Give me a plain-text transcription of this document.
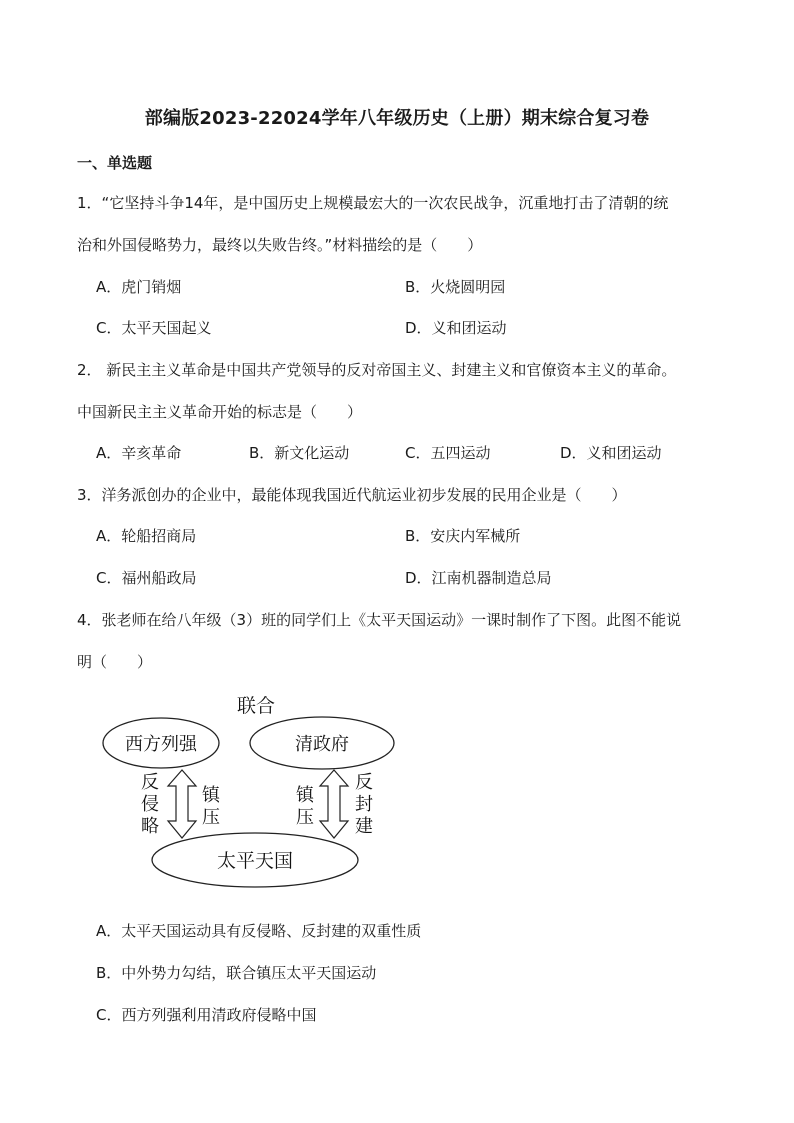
部编版2023-22024学年八年级历史（上册）期末综合复习卷
一、单选题
1．“它坚持斗争14年，是中国历史上规模最宏大的一次农民战争，沉重地打击了清朝的统
治和外国侵略势力，最终以失败告终。”材料描绘的是（　　）
A．虎门销烟	B．火烧圆明园
C．太平天国起义	D．义和团运动
2． 新民主主义革命是中国共产党领导的反对帝国主义、封建主义和官僚资本主义的革命。
中国新民主主义革命开始的标志是（　　）
A．辛亥革命	B．新文化运动	C．五四运动	D．义和团运动
3．洋务派创办的企业中，最能体现我国近代航运业初步发展的民用企业是（　　）
A．轮船招商局	B．安庆内军械所
C．福州船政局	D．江南机器制造总局
4．张老师在给八年级（3）班的同学们上《太平天国运动》一课时制作了下图。此图不能说
明（　　）
联合
西方列强	清政府
太平天国
反
侵
略
镇
压
镇
压
反
封
建
A．太平天国运动具有反侵略、反封建的双重性质
B．中外势力勾结，联合镇压太平天国运动
C．西方列强利用清政府侵略中国
